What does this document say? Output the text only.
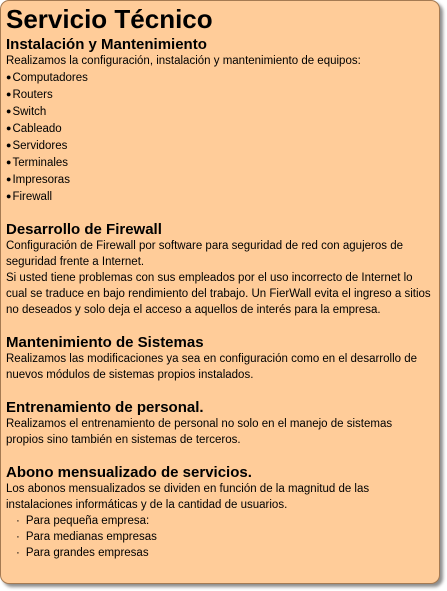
Servicio Técnico
Instalación y Mantenimiento

Realizamos la configuración, instalación y mantenimiento de equipos:

● Computadores
● Routers
● Switch
● Cableado
● Servidores
● Terminales
● Impresoras
● Firewall
Desarrollo de Firewall

Configuración de Firewall por software para seguridad de red con agujeros de seguridad frente a Internet.

Si usted tiene problemas con sus empleados por el uso incorrecto de Internet lo cual se traduce en bajo rendimiento del trabajo. Un FierWall evita el ingreso a sitios no deseados y solo deja el acceso a aquellos de interés para la empresa.

Mantenimiento de Sistemas

Realizamos las modificaciones ya sea en configuración como en el desarrollo de nuevos módulos de sistemas propios instalados.

Entrenamiento de personal.

Realizamos el entrenamiento de personal no solo en el manejo de sistemas propios sino también en sistemas de terceros.

Abono mensualizado de servicios.

Los abonos mensualizados se dividen en función de la magnitud de las instalaciones informáticas y de la cantidad de usuarios.

· Para pequeña empresa:
· Para medianas empresas
· Para grandes empresas
